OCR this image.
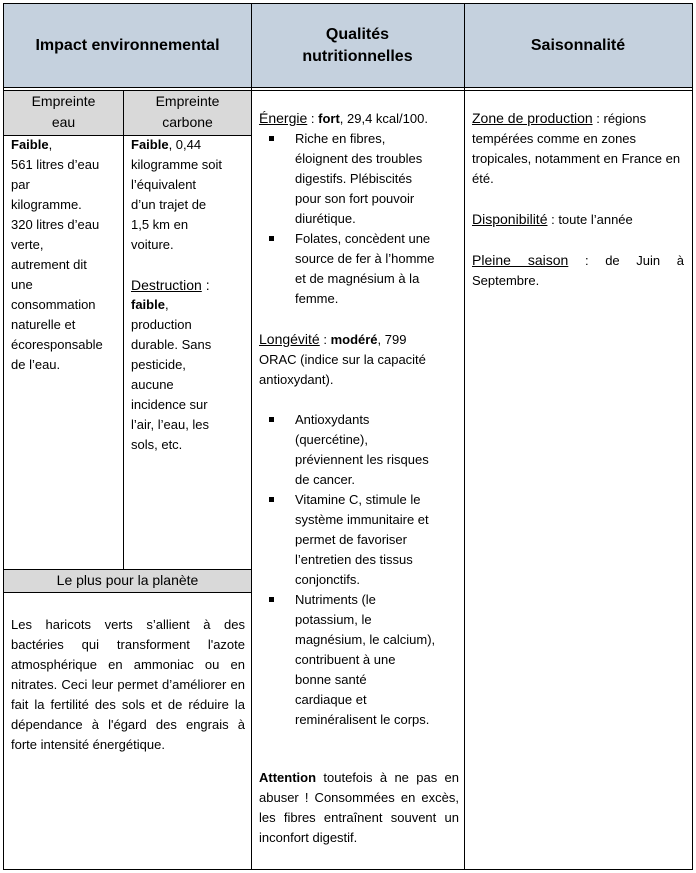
Impact environnemental
Qualités
nutritionnelles
Saisonnalité
Empreinte
eau
Empreinte
carbone
Faible,
561 litres d’eau
par
kilogramme.
320 litres d’eau
verte,
autrement dit
une
consommation
naturelle et
écoresponsable
de l’eau.
Faible, 0,44
kilogramme soit
l’équivalent
d’un trajet de
1,5 km en
voiture.
Destruction :
faible,
production
durable. Sans
pesticide,
aucune
incidence sur
l’air, l’eau, les
sols, etc.
Le plus pour la planète
Les haricots verts s’allient à des bactéries qui transforment l'azote atmosphérique en ammoniac ou en nitrates. Ceci leur permet d’améliorer en fait la fertilité des sols et de réduire la dépendance à l'égard des engrais à forte intensité énergétique.
Énergie : fort, 29,4 kcal/100.
Riche en fibres,
éloignent des troubles
digestifs. Plébiscités
pour son fort pouvoir
diurétique.
Folates, concèdent une
source de fer à l’homme
et de magnésium à la
femme.
Longévité : modéré, 799
ORAC (indice sur la capacité
antioxydant).
Antioxydants
(quercétine),
préviennent les risques
de cancer.
Vitamine C, stimule le
système immunitaire et
permet de favoriser
l’entretien des tissus
conjonctifs.
Nutriments (le
potassium, le
magnésium, le calcium),
contribuent à une
bonne santé
cardiaque et
reminéralisent le corps.

Attention toutefois à ne pas en abuser ! Consommées en excès, les fibres entraînent souvent un inconfort digestif.

Zone de production : régions tempérées comme en zones tropicales, notamment en France en été.

Disponibilité : toute l’année

Pleine saison : de Juin à Septembre.
